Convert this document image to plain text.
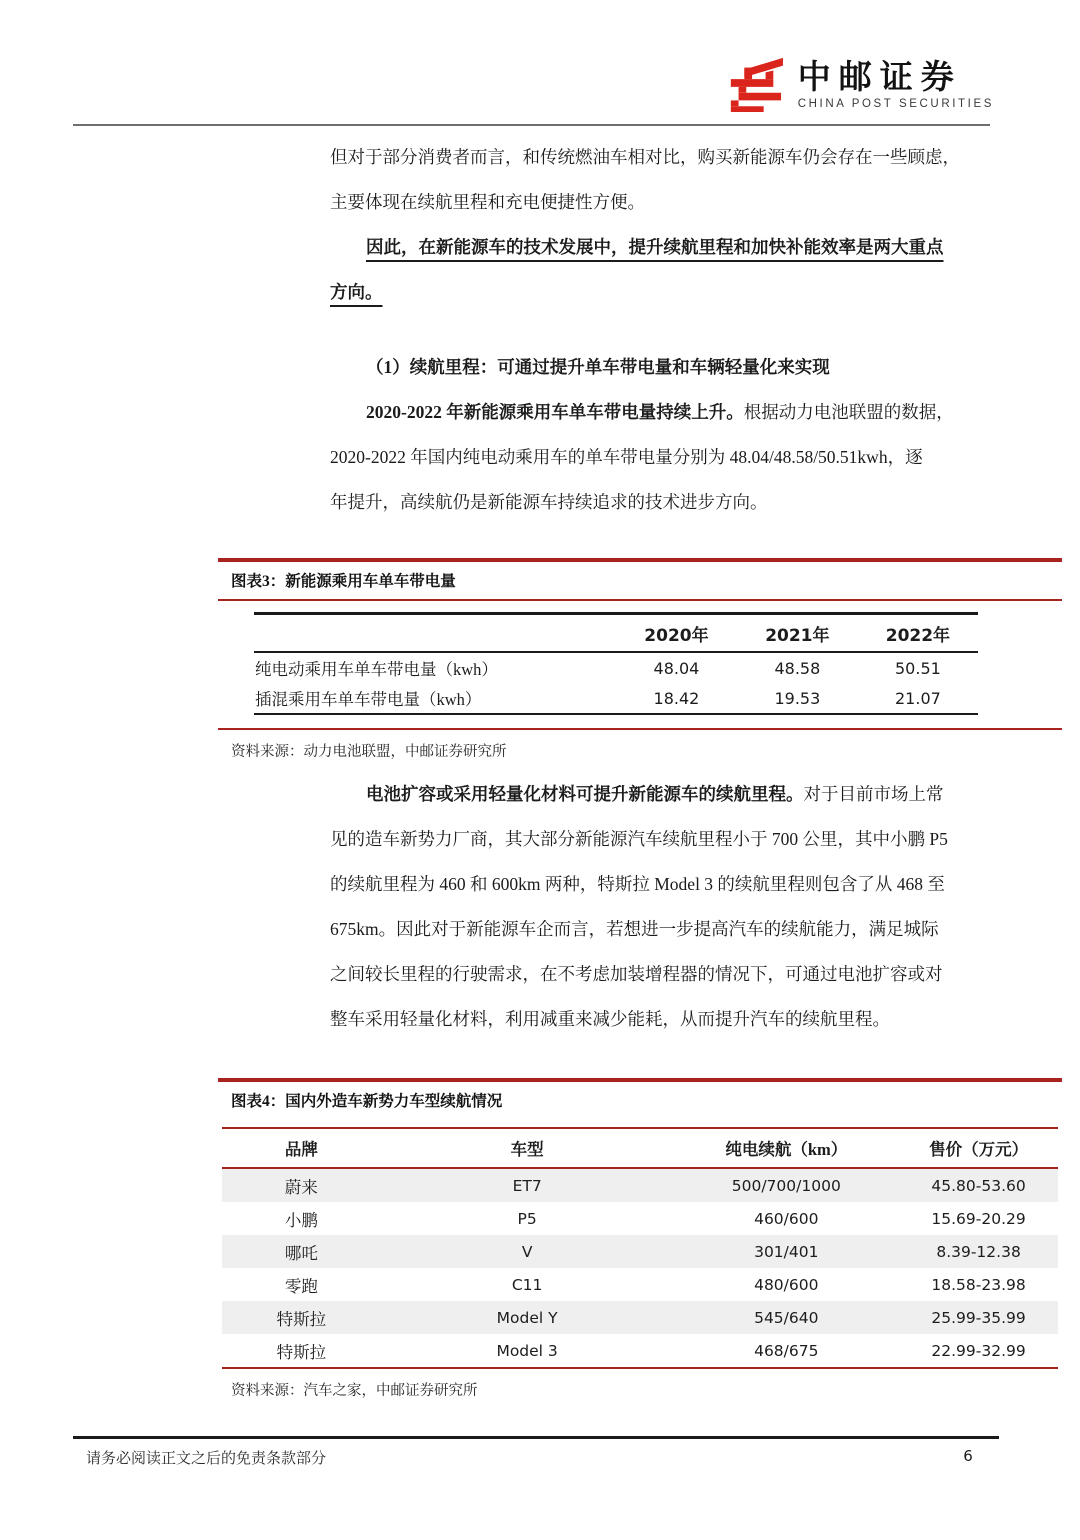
中邮证券
CHINA POST SECURITIES
但对于部分消费者而言，和传统燃油车相对比，购买新能源车仍会存在一些顾虑，
主要体现在续航里程和充电便捷性方便。
因此，在新能源车的技术发展中，提升续航里程和加快补能效率是两大重点
方向。
（1）续航里程：可通过提升单车带电量和车辆轻量化来实现
2020-2022 年新能源乘用车单车带电量持续上升。根据动力电池联盟的数据，
2020-2022 年国内纯电动乘用车的单车带电量分别为 48.04/48.58/50.51kwh，逐
年提升，高续航仍是新能源车持续追求的技术进步方向。
图表3：新能源乘用车单车带电量
	2020年	2021年	2022年
纯电动乘用车单车带电量（kwh）	48.04	48.58	50.51
插混乘用车单车带电量（kwh）	18.42	19.53	21.07
资料来源：动力电池联盟，中邮证券研究所
电池扩容或采用轻量化材料可提升新能源车的续航里程。对于目前市场上常
见的造车新势力厂商，其大部分新能源汽车续航里程小于 700 公里，其中小鹏 P5
的续航里程为 460 和 600km 两种，特斯拉 Model 3 的续航里程则包含了从 468 至
675km。因此对于新能源车企而言，若想进一步提高汽车的续航能力，满足城际
之间较长里程的行驶需求，在不考虑加装增程器的情况下，可通过电池扩容或对
整车采用轻量化材料，利用减重来减少能耗，从而提升汽车的续航里程。
图表4：国内外造车新势力车型续航情况
品牌	车型	纯电续航（km）	售价（万元）
蔚来	ET7	500/700/1000	45.80-53.60
小鹏	P5	460/600	15.69-20.29
哪吒	V	301/401	8.39-12.38
零跑	C11	480/600	18.58-23.98
特斯拉	Model Y	545/640	25.99-35.99
特斯拉	Model 3	468/675	22.99-32.99
资料来源：汽车之家，中邮证券研究所
请务必阅读正文之后的免责条款部分	6
